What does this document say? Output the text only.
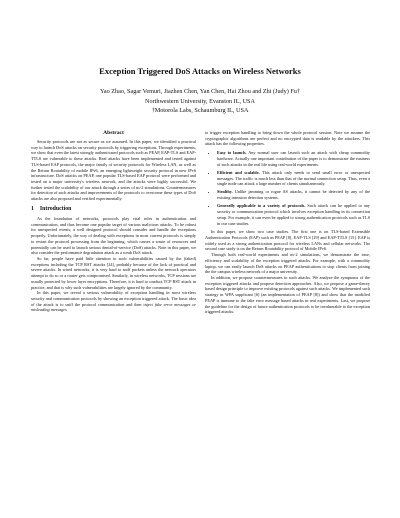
Exception Triggered DoS Attacks on Wireless Networks
Yao Zhao, Sagar Vemuri, Jiazhen Chen, Yan Chen, Hai Zhou and Zhi (Judy) Fu†
Northwestern University, Evanston IL, USA
†Motorola Labs, Schaumburg IL, USA
Abstract

Security protocols are not as secure as we assumed. In this paper, we identified a practical way to launch DoS attacks on security protocols by triggering exceptions. Through experiments, we show that even the latest strongly authenticated protocols such as PEAP, EAP-TLS and EAP-TTLS are vulnerable to these attacks. Real attacks have been implemented and tested against TLS-based EAP protocols, the major family of security protocols for Wireless LAN, as well as the Return Routability of mobile IPv6, an emerging lightweight security protocol in new IPv6 infrastructure. DoS attacks on PEAP, one popular TLS-based EAP protocol were performed and tested on a major university's wireless network, and the attacks were highly successful. We further tested the scalability of our attack through a series of ns-2 simulations. Countermeasures for detection of such attacks and improvements of the protocols to overcome these types of DoS attacks are also proposed and verified experimentally.

1 Introduction

As the foundation of networks, protocols play vital roles in authentication and communication, and thus become one popular target of various malicious attacks. To be robust for unexpected events, a well designed protocol should consider and handle the exceptions properly. Unfortunately, the way of dealing with exceptions in most current protocols is simply to restart the protocol processing from the beginning, which causes a waste of resources and potentially can be used to launch serious denial-of-service (DoS) attacks. Note in this paper, we also consider the performance degradation attack as a weak DoS attack.

So far, people have paid little attention to such vulnerabilities caused by the (faked) exceptions including the TCP RST attacks [24], probably because of the lack of practical and severe attacks. In wired networks, it is very hard to sniff packets unless the network operators attempt to do so or a router gets compromised. Similarly, in wireless networks, TCP sessions are usually protected by lower layer encryptions. Therefore, it is hard to conduct TCP RST attack in practice, and that is why such vulnerabilities are largely ignored by the community.

In this paper, we reveal a serious vulnerability of exception handling in most wireless security and communication protocols by showing an exception triggered attack. The basic idea of the attack is to sniff the protocol communication and then inject fake error messages or misleading messages

to trigger exception handling to bring down the whole protocol session. Note we assume the cryptographic algorithms are perfect and no encrypted data is readable by the attackers. This attack has the following properties.

• Easy to launch. Any normal user can launch such an attack with cheap commodity hardware. Actually one important contribution of the paper is to demonstrate the easiness of such attacks in the real life using real-world experiments.
• Efficient and scalable. This attack only needs to send small error or unexpected messages. The traffic is much less than that of the normal connection setup. Thus, even a single node can attack a large number of clients simultaneously.
• Stealthy. Unlike jamming or rogue AS attacks, it cannot be detected by any of the existing intrusion detection systems.
• Generally applicable to a variety of protocols. Such attack can be applied to any security or communication protocol which involves exception handling in its connection setup. For example, it can even be applied to strong authentication protocols such as TLS in our case studies.

In this paper, we show two case studies. The first one is on TLS-based Extensible Authentication Protocols (EAP) such as PEAP [8], EAP-TLS [29] and EAP-TTLS [15]. EAP is widely used as a strong authentication protocol for wireless LANs and cellular networks. The second case study is on the Return Routability protocol of Mobile IPv6.

Through both real-world experiments and ns-2 simulations, we demonstrate the ease, efficiency and scalability of the exception triggered attacks. For example, with a commodity laptop, we can easily launch DoS attacks on PEAP authentications to stop clients from joining the the campus wireless network of a major university.

In addition, we propose countermeasures to such attacks. We analyze the symptoms of the exception triggered attacks and propose detection approaches. Also, we propose a game-theory based design principle to improve existing protocols against such attacks. We implemented such strategy in WPA supplicant [6] (an implementation of PEAP [8]) and show that the modified PEAP is immune to the fake error message based attacks in real experiments. Last, we propose the guideline for the design of future authentication protocols to be invulnerable to the exception triggered attacks.
